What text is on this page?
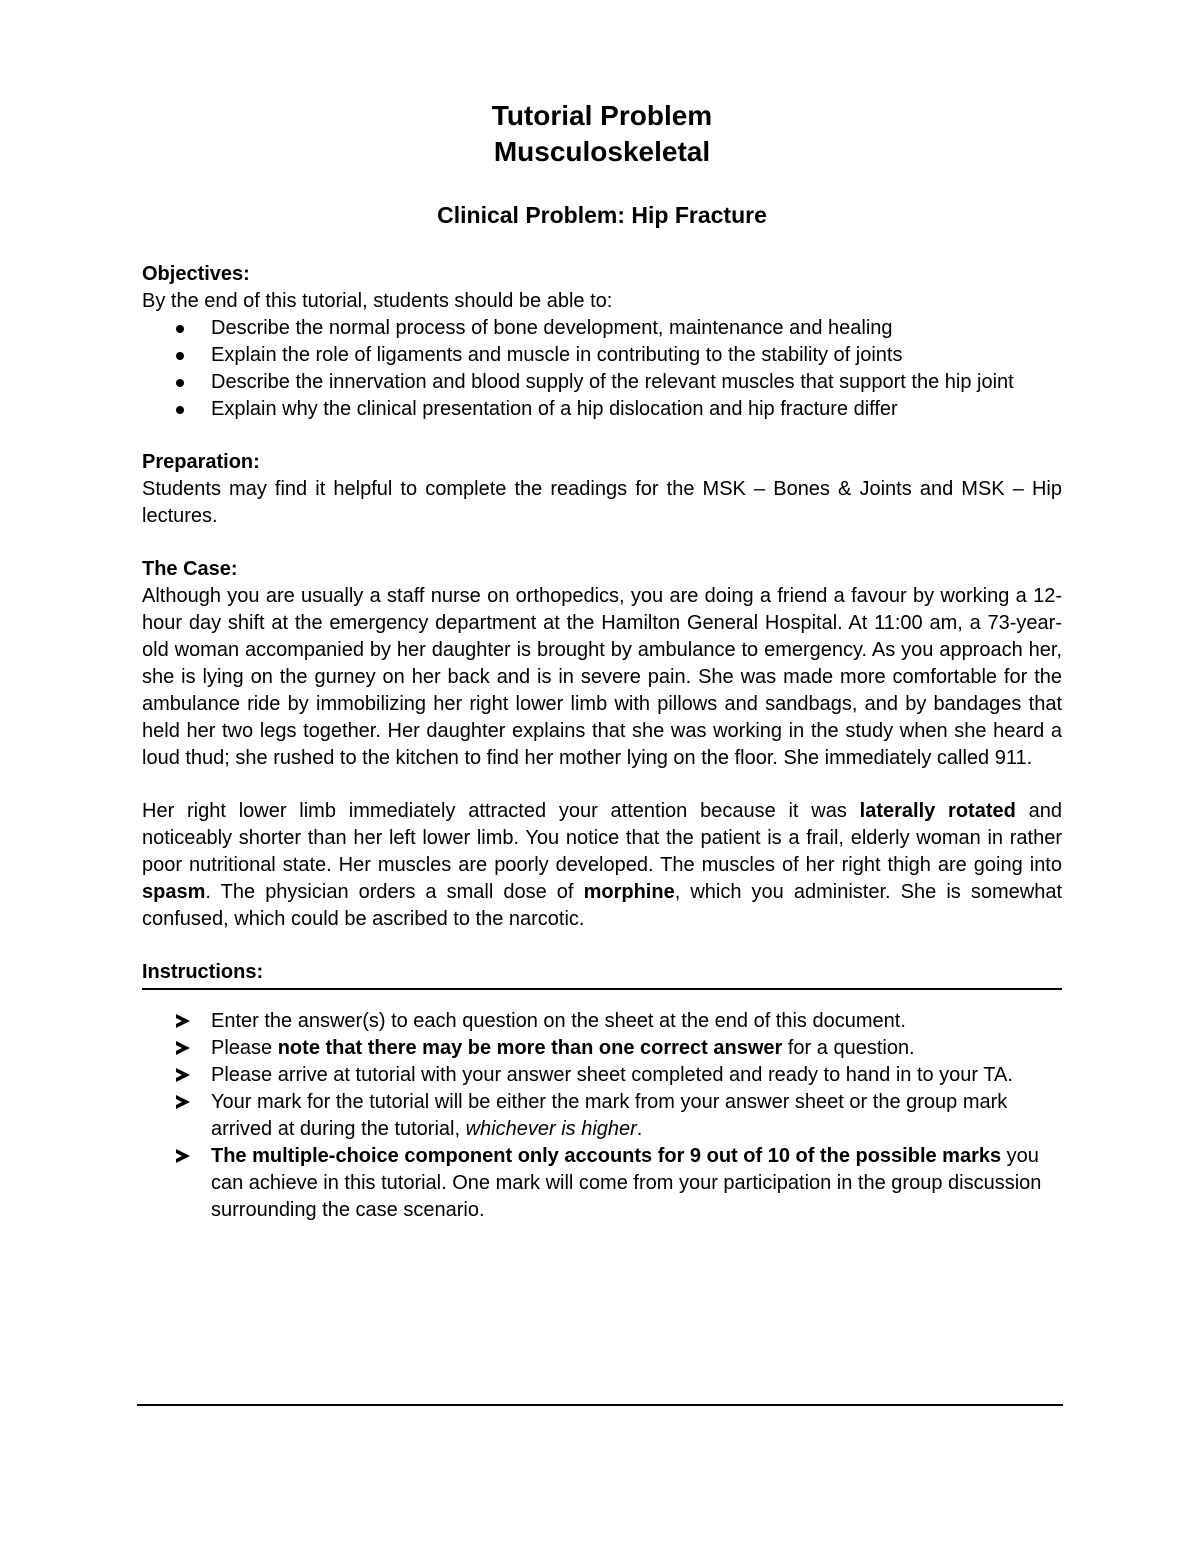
Tutorial Problem

Musculoskeletal

Clinical Problem: Hip Fracture

Objectives:

By the end of this tutorial, students should be able to:

Describe the normal process of bone development, maintenance and healing
Explain the role of ligaments and muscle in contributing to the stability of joints
Describe the innervation and blood supply of the relevant muscles that support the hip joint
Explain why the clinical presentation of a hip dislocation and hip fracture differ

Preparation:

Students may find it helpful to complete the readings for the MSK – Bones & Joints and MSK – Hip lectures.

The Case:

Although you are usually a staff nurse on orthopedics, you are doing a friend a favour by working a 12-hour day shift at the emergency department at the Hamilton General Hospital. At 11:00 am, a 73-year-old woman accompanied by her daughter is brought by ambulance to emergency. As you approach her, she is lying on the gurney on her back and is in severe pain. She was made more comfortable for the ambulance ride by immobilizing her right lower limb with pillows and sandbags, and by bandages that held her two legs together. Her daughter explains that she was working in the study when she heard a loud thud; she rushed to the kitchen to find her mother lying on the floor. She immediately called 911.

Her right lower limb immediately attracted your attention because it was laterally rotated and noticeably shorter than her left lower limb. You notice that the patient is a frail, elderly woman in rather poor nutritional state. Her muscles are poorly developed. The muscles of her right thigh are going into spasm. The physician orders a small dose of morphine, which you administer. She is somewhat confused, which could be ascribed to the narcotic.

Instructions:

Enter the answer(s) to each question on the sheet at the end of this document.
Please note that there may be more than one correct answer for a question.
Please arrive at tutorial with your answer sheet completed and ready to hand in to your TA.
Your mark for the tutorial will be either the mark from your answer sheet or the group mark arrived at during the tutorial, whichever is higher.
The multiple-choice component only accounts for 9 out of 10 of the possible marks you can achieve in this tutorial. One mark will come from your participation in the group discussion surrounding the case scenario.
